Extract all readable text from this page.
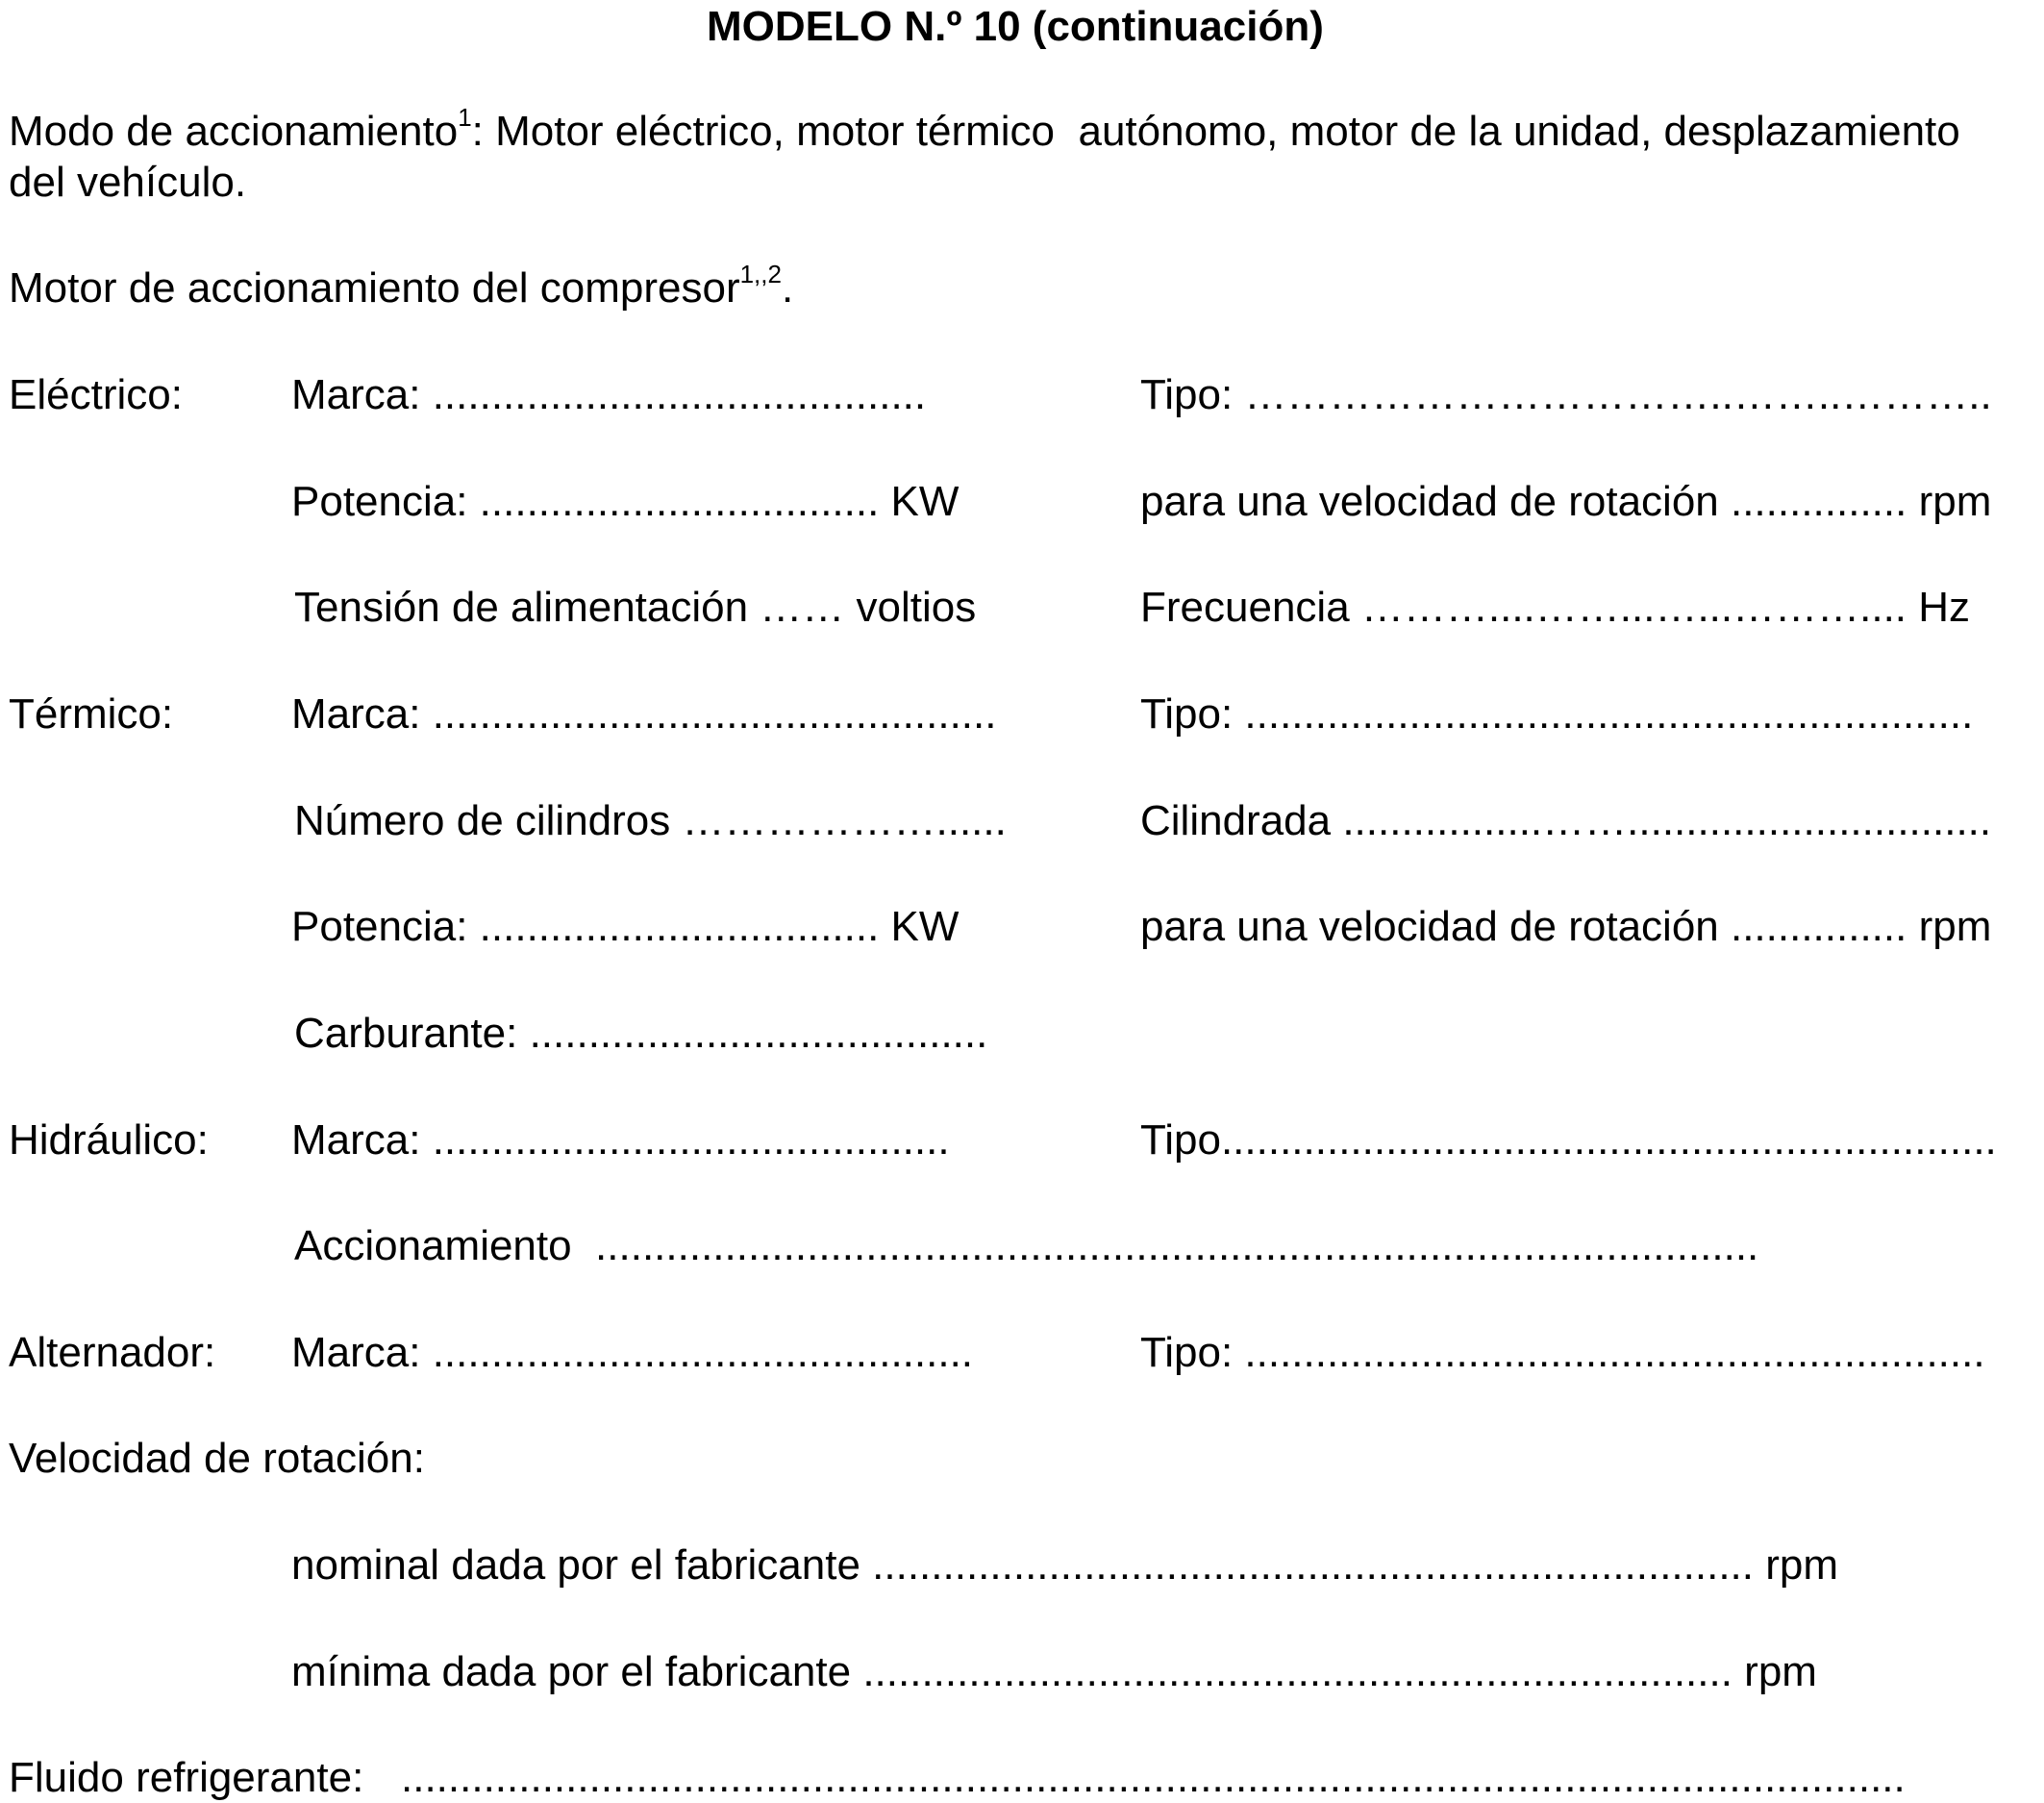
MODELO N.º 10 (continuación)
Modo de accionamiento$^1$: Motor eléctrico, motor térmico  autónomo, motor de la unidad, desplazamiento
del vehículo.
Motor de accionamiento del compresor$^{1,,2}$.
Eléctrico:	Marca: ..........................................	Tipo: ……………………………..……..………..
Potencia: .................................. KW	para una velocidad de rotación ............... rpm
Tensión de alimentación …… voltios	Frecuencia ………....……...…...……….... Hz
Térmico:	Marca: ................................................	Tipo: ..............................................................
Número de cilindros ………………......	Cilindrada .................……...............................
Potencia: .................................. KW	para una velocidad de rotación ............... rpm
Carburante: .......................................
Hidráulico: Marca: ............................................	Tipo..................................................................
Accionamiento  ...................................................................................................
Alternador: Marca: ..............................................	Tipo: ...............................................................
Velocidad de rotación:
nominal dada por el fabricante ........................................................................... rpm
mínima dada por el fabricante .......................................................................... rpm
Fluido refrigerante: ................................................................................................................................
